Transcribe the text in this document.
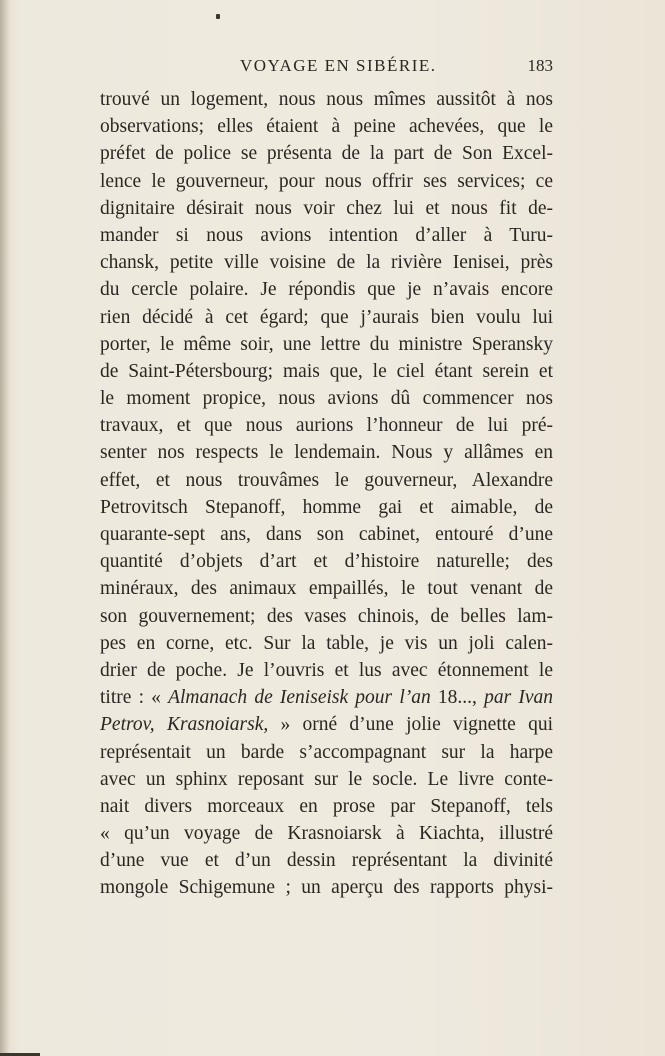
VOYAGE EN SIBÉRIE.	183
trouvé un logement, nous nous mîmes aussitôt à nos
observations; elles étaient à peine achevées, que le
préfet de police se présenta de la part de Son Excel-
lence le gouverneur, pour nous offrir ses services; ce
dignitaire désirait nous voir chez lui et nous fit de-
mander si nous avions intention d’aller à Turu-
chansk, petite ville voisine de la rivière Ienisei, près
du cercle polaire. Je répondis que je n’avais encore
rien décidé à cet égard; que j’aurais bien voulu lui
porter, le même soir, une lettre du ministre Speransky
de Saint-Pétersbourg; mais que, le ciel étant serein et
le moment propice, nous avions dû commencer nos
travaux, et que nous aurions l’honneur de lui pré-
senter nos respects le lendemain. Nous y allâmes en
effet, et nous trouvâmes le gouverneur, Alexandre
Petrovitsch Stepanoff, homme gai et aimable, de
quarante-sept ans, dans son cabinet, entouré d’une
quantité d’objets d’art et d’histoire naturelle; des
minéraux, des animaux empaillés, le tout venant de
son gouvernement; des vases chinois, de belles lam-
pes en corne, etc. Sur la table, je vis un joli calen-
drier de poche. Je l’ouvris et lus avec étonnement le
titre : « Almanach de Ieniseisk pour l’an 18..., par Ivan
Petrov, Krasnoiarsk, » orné d’une jolie vignette qui
représentait un barde s’accompagnant sur la harpe
avec un sphinx reposant sur le socle. Le livre conte-
nait divers morceaux en prose par Stepanoff, tels
« qu’un voyage de Krasnoiarsk à Kiachta, illustré
d’une vue et d’un dessin représentant la divinité
mongole Schigemune ; un aperçu des rapports physi-
